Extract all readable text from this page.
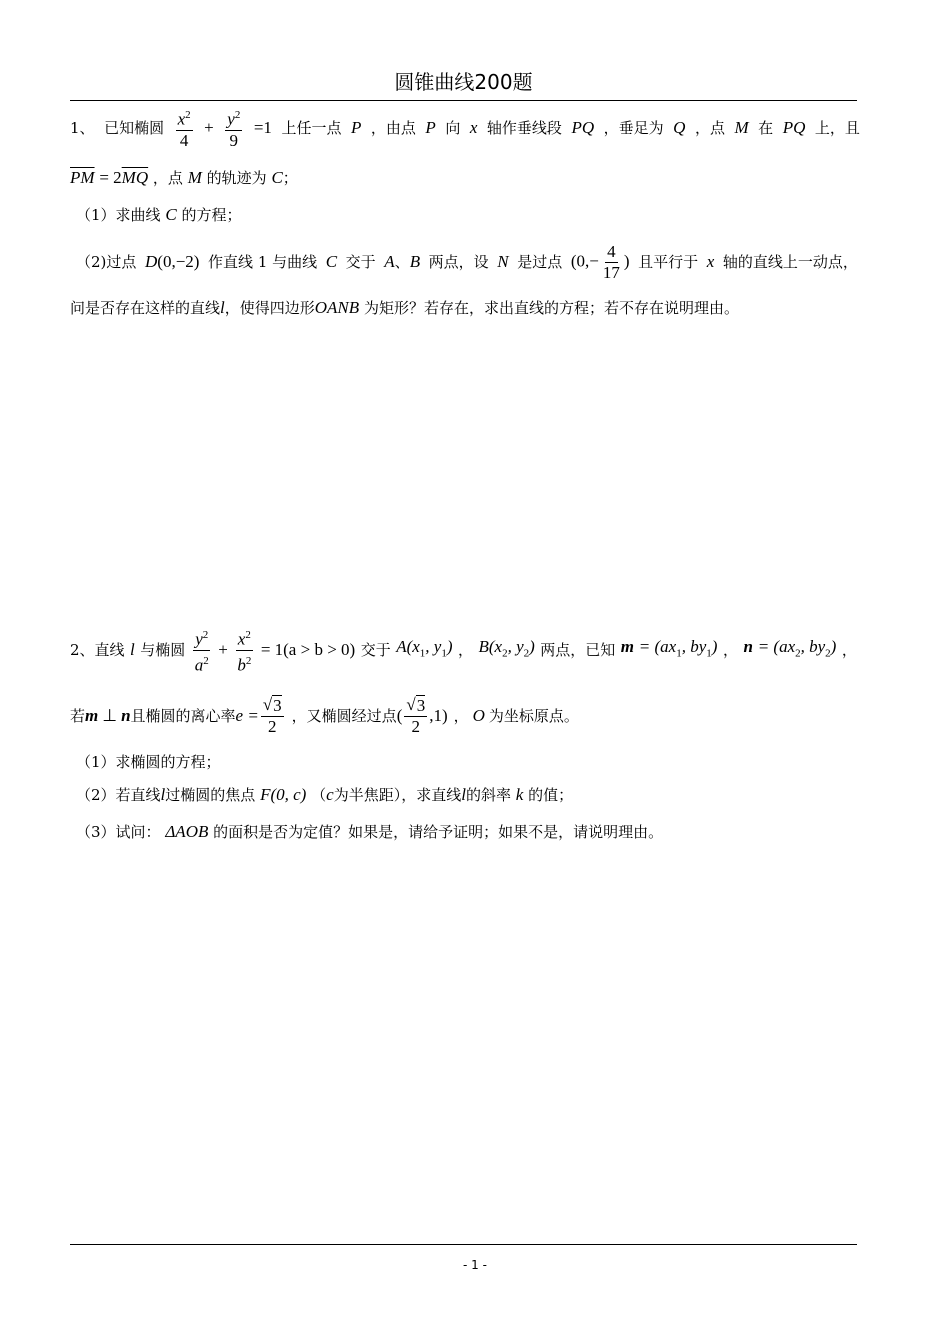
圆锥曲线200题
1、 已知椭圆 $\frac{x^2}{4} + \frac{y^2}{9} =1$ 上任一点 P ，由点 P 向 x 轴作垂线段 PQ ，垂足为 Q ，点 M 在 PQ 上，且
$\overline{PM} = 2\overline{MQ}$ ，点 M 的轨迹为 C；
（1）求曲线 C 的方程；
（2)过点 D(0,−2) 作直线 1 与曲线 C 交于 A、B 两点，设 N 是过点 ($0,- \frac{4}{17}$ ) 且平行于 x 轴的直线上一动点，
问是否存在这样的直线l，使得四边形OANB 为矩形？若存在，求出直线的方程；若不存在说明理由。
2、直线 l 与椭圆 $\frac{y^2}{a^2} + \frac{x^2}{b^2} = 1(a > b > 0)$ 交于 $A(x_1$, $y_1$) ， $B(x_2$, $y_2$) 两点，已知 $m = (ax_1$, $by_1$) ， $n = (ax_2$, $by_2$) ，
若 m ⊥ n 且椭圆的离心率 $e = \frac{√ 3}{2}$ ，又椭圆经过点 ( $\frac{√ 3}{2} ,1$) ， O 为坐标原点。
（1）求椭圆的方程；
（2）若直线l过椭圆的焦点 F(0, c) （c为半焦距），求直线l的斜率 k 的值；
（3）试问： ΔAOB 的面积是否为定值？如果是，请给予证明；如果不是，请说明理由。
- 1 -
